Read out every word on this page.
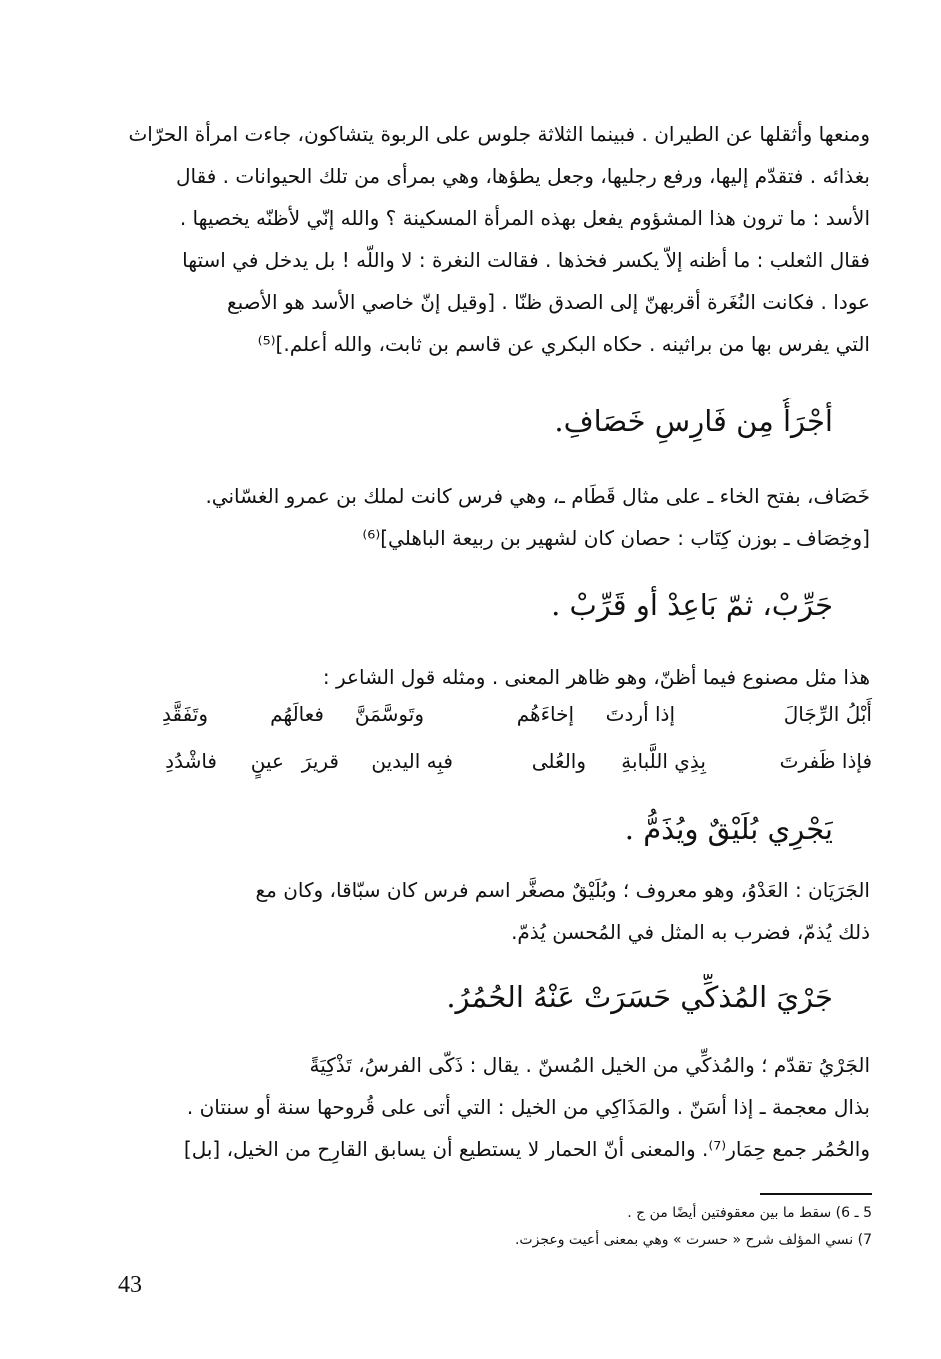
ومنعها وأثقلها عن الطيران . فبينما الثلاثة جلوس على الربوة يتشاكون، جاءت امرأة الحرّاث
بغذائه . فتقدّم إليها، ورفع رجليها، وجعل يطؤها، وهي بمرأى من تلك الحيوانات . فقال
الأسد : ما ترون هذا المشؤوم يفعل بهذه المرأة المسكينة ؟ والله إنّي لأظنّه يخصيها .
فقال الثعلب : ما أظنه إلاّ يكسر فخذها . فقالت النغرة : لا واللّه ! بل يدخل في استها
عودا . فكانت النُغَرة أقربهنّ إلى الصدق ظنّا . [وقيل إنّ خاصي الأسد هو الأصبع
التي يفرس بها من براثينه . حكاه البكري عن قاسم بن ثابت، والله أعلم.]⁽⁵⁾
أجْرَأُ مِن فَارِسِ خَصَافِ.
خَصَاف، بفتح الخاء ـ على مثال قَطَام ـ، وهي فرس كانت لملك بن عمرو الغسّاني.
[وخِصَاف ـ بوزن كِتَاب : حصان كان لشهير بن ربيعة الباهلي]⁽⁶⁾
جَرِّبْ، ثمّ بَاعِدْ أو قَرِّبْ .
هذا مثل مصنوع فيما أظنّ، وهو ظاهر المعنى . ومثله قول الشاعر :
أَبْلُ الرِّجَالَ
إذا أردتَ
إخاءَهُم
وتَوسَّمَنَّ
فعالَهُم
وتَفَقَّدِ
فإذا ظَفرتَ
بِذِي اللَّبابةِ
والعُلى
فبِه اليدين
قريرَ
عينٍ
فاشْدُدِ
يَجْرِي بُلَيْقٌ ويُذَمُّ .
الجَرَيَان : العَدْوُ، وهو معروف ؛ وبُلَيْقٌ مصغَّر اسم فرس كان سبّاقا، وكان مع
ذلك يُذمّ، فضرب به المثل في المُحسن يُذمّ.
جَرْيَ المُذكِّي حَسَرَتْ عَنْهُ الحُمُرُ.
الجَرْيُ تقدّم ؛ والمُذكِّي من الخيل المُسنّ . يقال : ذَكّى الفرسُ، تَذْكِيَةً
بذال معجمة ـ إذا أسَنّ . والمَذَاكِي من الخيل : التي أتى على قُروحها سنة أو سنتان .
والحُمُر جمع حِمَار⁽⁷⁾. والمعنى أنّ الحمار لا يستطيع أن يسابق القارِح من الخيل، [بل]
5 ـ 6) سقط ما بين معقوفتين أيضًا من ج .
7) نسي المؤلف شرح « حسرت » وهي بمعنى أعيت وعجزت.
43
